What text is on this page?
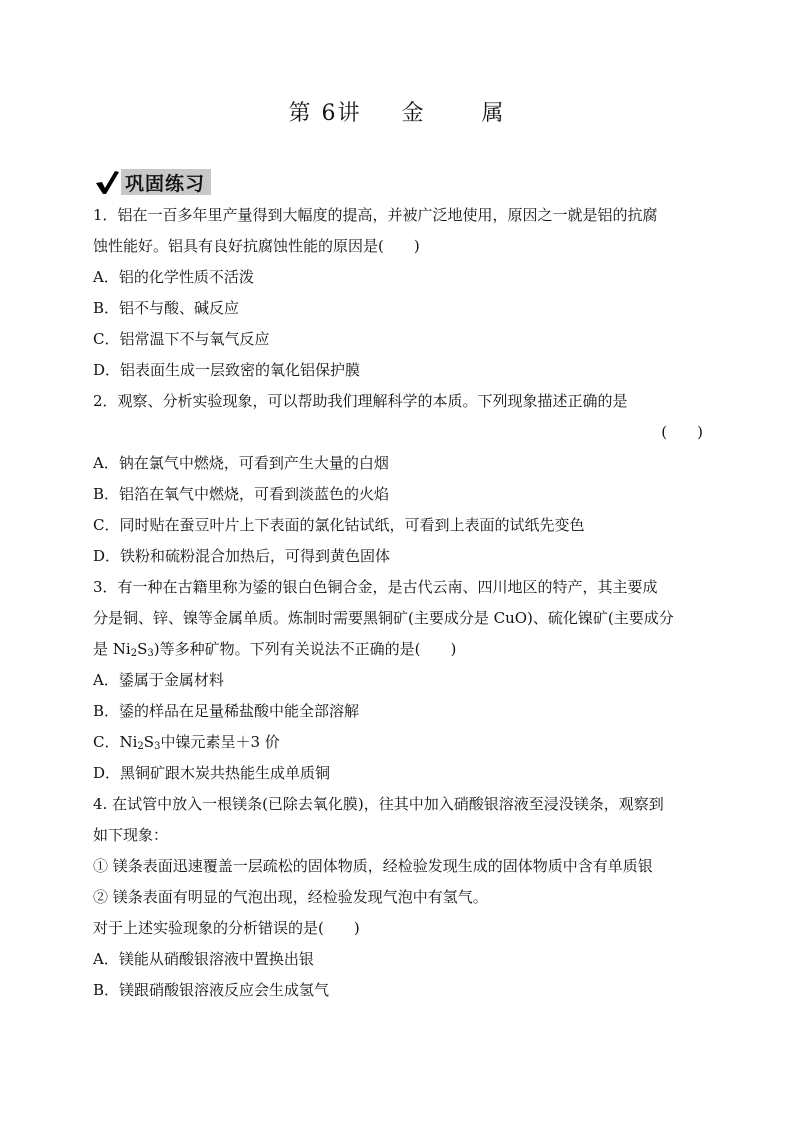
第 6讲 金	属
巩固练习
1．铝在一百多年里产量得到大幅度的提高，并被广泛地使用，原因之一就是铝的抗腐
蚀性能好。铝具有良好抗腐蚀性能的原因是(　　)
A．铝的化学性质不活泼
B．铝不与酸、碱反应
C．铝常温下不与氧气反应
D．铝表面生成一层致密的氧化铝保护膜
2．观察、分析实验现象，可以帮助我们理解科学的本质。下列现象描述正确的是
(　　)
A．钠在氯气中燃烧，可看到产生大量的白烟
B．铝箔在氧气中燃烧，可看到淡蓝色的火焰
C．同时贴在蚕豆叶片上下表面的氯化钴试纸，可看到上表面的试纸先变色
D．铁粉和硫粉混合加热后，可得到黄色固体
3．有一种在古籍里称为鋈的银白色铜合金，是古代云南、四川地区的特产，其主要成
分是铜、锌、镍等金属单质。炼制时需要黑铜矿(主要成分是 CuO)、硫化镍矿(主要成分
是 $Ni_2S_3$)等多种矿物。下列有关说法不正确的是(　　)
A．鋈属于金属材料
B．鋈的样品在足量稀盐酸中能全部溶解
C．$Ni_2S_3$中镍元素呈＋3 价
D．黑铜矿跟木炭共热能生成单质铜
4. 在试管中放入一根镁条(已除去氧化膜)，往其中加入硝酸银溶液至浸没镁条，观察到
如下现象：
① 镁条表面迅速覆盖一层疏松的固体物质，经检验发现生成的固体物质中含有单质银
② 镁条表面有明显的气泡出现，经检验发现气泡中有氢气。
对于上述实验现象的分析错误的是(　　)
A．镁能从硝酸银溶液中置换出银
B．镁跟硝酸银溶液反应会生成氢气
